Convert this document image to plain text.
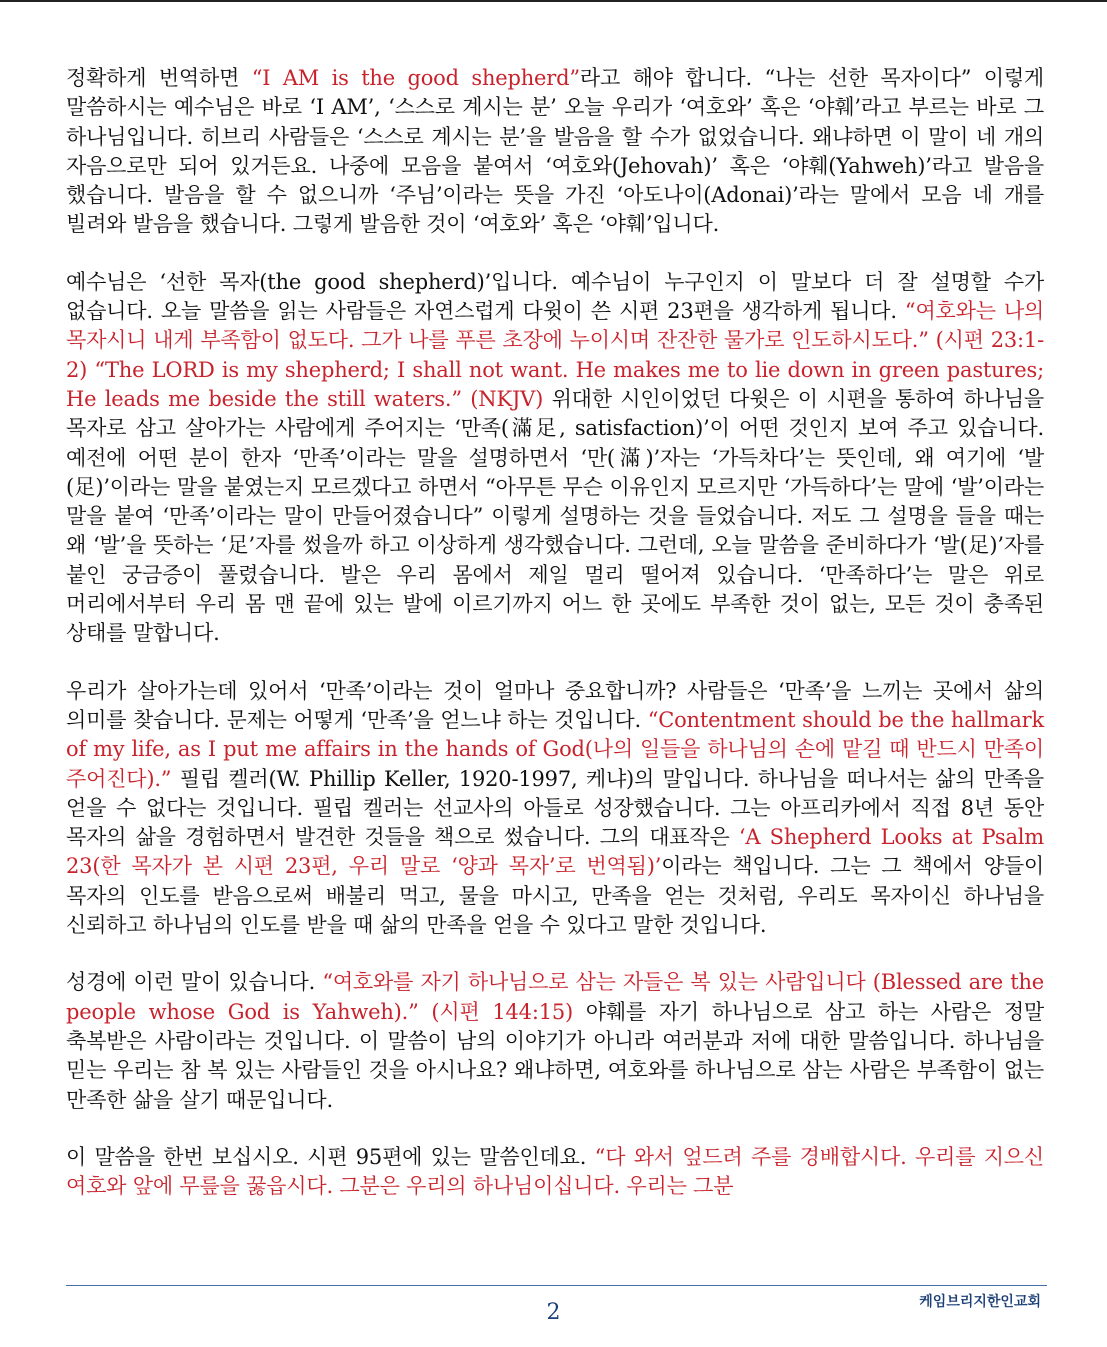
정확하게 번역하면 “I AM is the good shepherd”라고 해야 합니다. “나는 선한 목자이다” 이렇게 말씀하시는 예수님은 바로 ‘I AM’, ‘스스로 계시는 분’ 오늘 우리가 ‘여호와’ 혹은 ‘야훼’라고 부르는 바로 그 하나님입니다. 히브리 사람들은 ‘스스로 계시는 분’을 발음을 할 수가 없었습니다. 왜냐하면 이 말이 네 개의 자음으로만 되어 있거든요. 나중에 모음을 붙여서 ‘여호와(Jehovah)’ 혹은 ‘야훼(Yahweh)’라고 발음을 했습니다. 발음을 할 수 없으니까 ‘주님’이라는 뜻을 가진 ‘아도나이(Adonai)’라는 말에서 모음 네 개를 빌려와 발음을 했습니다. 그렇게 발음한 것이 ‘여호와’ 혹은 ‘야훼’입니다.

예수님은 ‘선한 목자(the good shepherd)’입니다. 예수님이 누구인지 이 말보다 더 잘 설명할 수가 없습니다. 오늘 말씀을 읽는 사람들은 자연스럽게 다윗이 쓴 시편 23편을 생각하게 됩니다. “여호와는 나의 목자시니 내게 부족함이 없도다. 그가 나를 푸른 초장에 누이시며 잔잔한 물가로 인도하시도다.” (시편 23:1-2) “The LORD is my shepherd; I shall not want. He makes me to lie down in green pastures; He leads me beside the still waters.” (NKJV) 위대한 시인이었던 다윗은 이 시편을 통하여 하나님을 목자로 삼고 살아가는 사람에게 주어지는 ‘만족(滿足, satisfaction)’이 어떤 것인지 보여 주고 있습니다. 예전에 어떤 분이 한자 ‘만족’이라는 말을 설명하면서 ‘만(滿)’자는 ‘가득차다’는 뜻인데, 왜 여기에 ‘발(足)’이라는 말을 붙였는지 모르겠다고 하면서 “아무튼 무슨 이유인지 모르지만 ‘가득하다’는 말에 ‘발’이라는 말을 붙여 ‘만족’이라는 말이 만들어졌습니다” 이렇게 설명하는 것을 들었습니다. 저도 그 설명을 들을 때는 왜 ‘발’을 뜻하는 ‘足’자를 썼을까 하고 이상하게 생각했습니다. 그런데, 오늘 말씀을 준비하다가 ‘발(足)’자를 붙인 궁금증이 풀렸습니다. 발은 우리 몸에서 제일 멀리 떨어져 있습니다. ‘만족하다’는 말은 위로 머리에서부터 우리 몸 맨 끝에 있는 발에 이르기까지 어느 한 곳에도 부족한 것이 없는, 모든 것이 충족된 상태를 말합니다.

우리가 살아가는데 있어서 ‘만족’이라는 것이 얼마나 중요합니까? 사람들은 ‘만족’을 느끼는 곳에서 삶의 의미를 찾습니다. 문제는 어떻게 ‘만족’을 얻느냐 하는 것입니다. “Contentment should be the hallmark of my life, as I put me affairs in the hands of God(나의 일들을 하나님의 손에 맡길 때 반드시 만족이 주어진다).” 필립 켈러(W. Phillip Keller, 1920-1997, 케냐)의 말입니다. 하나님을 떠나서는 삶의 만족을 얻을 수 없다는 것입니다. 필립 켈러는 선교사의 아들로 성장했습니다. 그는 아프리카에서 직접 8년 동안 목자의 삶을 경험하면서 발견한 것들을 책으로 썼습니다. 그의 대표작은 ‘A Shepherd Looks at Psalm 23(한 목자가 본 시편 23편, 우리 말로 ‘양과 목자’로 번역됨)’이라는 책입니다. 그는 그 책에서 양들이 목자의 인도를 받음으로써 배불리 먹고, 물을 마시고, 만족을 얻는 것처럼, 우리도 목자이신 하나님을 신뢰하고 하나님의 인도를 받을 때 삶의 만족을 얻을 수 있다고 말한 것입니다.

성경에 이런 말이 있습니다. “여호와를 자기 하나님으로 삼는 자들은 복 있는 사람입니다 (Blessed are the people whose God is Yahweh).” (시편 144:15) 야훼를 자기 하나님으로 삼고 하는 사람은 정말 축복받은 사람이라는 것입니다. 이 말씀이 남의 이야기가 아니라 여러분과 저에 대한 말씀입니다. 하나님을 믿는 우리는 참 복 있는 사람들인 것을 아시나요? 왜냐하면, 여호와를 하나님으로 삼는 사람은 부족함이 없는 만족한 삶을 살기 때문입니다.

이 말씀을 한번 보십시오. 시편 95편에 있는 말씀인데요. “다 와서 엎드려 주를 경배합시다. 우리를 지으신 여호와 앞에 무릎을 꿇읍시다. 그분은 우리의 하나님이십니다. 우리는 그분

케임브리지한인교회
2
